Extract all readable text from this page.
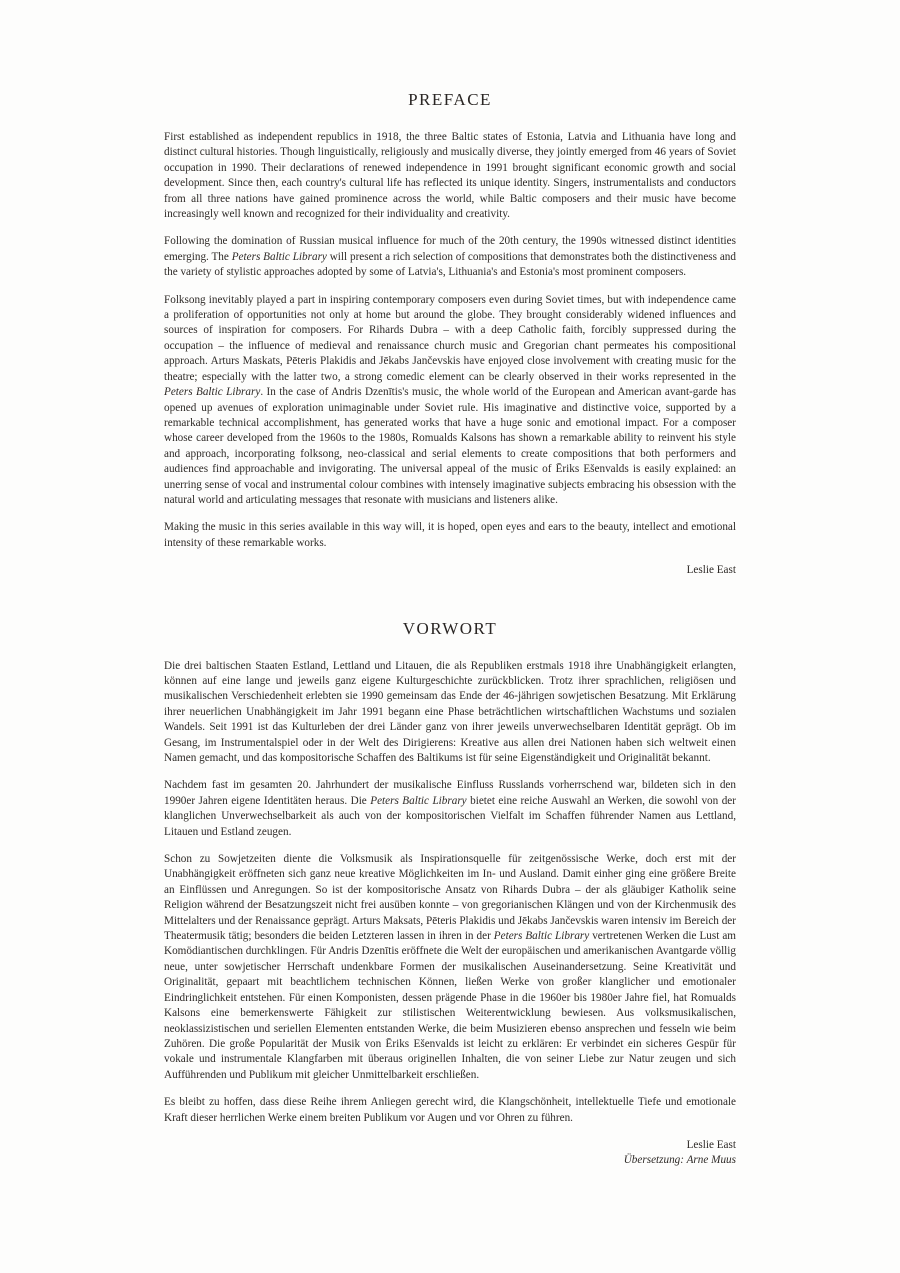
PREFACE

First established as independent republics in 1918, the three Baltic states of Estonia, Latvia and Lithuania have long and distinct cultural histories. Though linguistically, religiously and musically diverse, they jointly emerged from 46 years of Soviet occupation in 1990. Their declarations of renewed independence in 1991 brought significant economic growth and social development. Since then, each country's cultural life has reflected its unique identity. Singers, instrumentalists and conductors from all three nations have gained prominence across the world, while Baltic composers and their music have become increasingly well known and recognized for their individuality and creativity.

Following the domination of Russian musical influence for much of the 20th century, the 1990s witnessed distinct identities emerging. The Peters Baltic Library will present a rich selection of compositions that demonstrates both the distinctiveness and the variety of stylistic approaches adopted by some of Latvia's, Lithuania's and Estonia's most prominent composers.

Folksong inevitably played a part in inspiring contemporary composers even during Soviet times, but with independence came a proliferation of opportunities not only at home but around the globe. They brought considerably widened influences and sources of inspiration for composers. For Rihards Dubra – with a deep Catholic faith, forcibly suppressed during the occupation – the influence of medieval and renaissance church music and Gregorian chant permeates his compositional approach. Arturs Maskats, Pēteris Plakidis and Jēkabs Jančevskis have enjoyed close involvement with creating music for the theatre; especially with the latter two, a strong comedic element can be clearly observed in their works represented in the Peters Baltic Library. In the case of Andris Dzenītis's music, the whole world of the European and American avant-garde has opened up avenues of exploration unimaginable under Soviet rule. His imaginative and distinctive voice, supported by a remarkable technical accomplishment, has generated works that have a huge sonic and emotional impact. For a composer whose career developed from the 1960s to the 1980s, Romualds Kalsons has shown a remarkable ability to reinvent his style and approach, incorporating folksong, neo-classical and serial elements to create compositions that both performers and audiences find approachable and invigorating. The universal appeal of the music of Ēriks Ešenvalds is easily explained: an unerring sense of vocal and instrumental colour combines with intensely imaginative subjects embracing his obsession with the natural world and articulating messages that resonate with musicians and listeners alike.

Making the music in this series available in this way will, it is hoped, open eyes and ears to the beauty, intellect and emotional intensity of these remarkable works.

Leslie East
VORWORT

Die drei baltischen Staaten Estland, Lettland und Litauen, die als Republiken erstmals 1918 ihre Unabhängigkeit erlangten, können auf eine lange und jeweils ganz eigene Kulturgeschichte zurückblicken. Trotz ihrer sprachlichen, religiösen und musikalischen Verschiedenheit erlebten sie 1990 gemeinsam das Ende der 46-jährigen sowjetischen Besatzung. Mit Erklärung ihrer neuerlichen Unabhängigkeit im Jahr 1991 begann eine Phase beträchtlichen wirtschaftlichen Wachstums und sozialen Wandels. Seit 1991 ist das Kulturleben der drei Länder ganz von ihrer jeweils unverwechselbaren Identität geprägt. Ob im Gesang, im Instrumentalspiel oder in der Welt des Dirigierens: Kreative aus allen drei Nationen haben sich weltweit einen Namen gemacht, und das kompositorische Schaffen des Baltikums ist für seine Eigenständigkeit und Originalität bekannt.

Nachdem fast im gesamten 20. Jahrhundert der musikalische Einfluss Russlands vorherrschend war, bildeten sich in den 1990er Jahren eigene Identitäten heraus. Die Peters Baltic Library bietet eine reiche Auswahl an Werken, die sowohl von der klanglichen Unverwechselbarkeit als auch von der kompositorischen Vielfalt im Schaffen führender Namen aus Lettland, Litauen und Estland zeugen.

Schon zu Sowjetzeiten diente die Volksmusik als Inspirationsquelle für zeitgenössische Werke, doch erst mit der Unabhängigkeit eröffneten sich ganz neue kreative Möglichkeiten im In- und Ausland. Damit einher ging eine größere Breite an Einflüssen und Anregungen. So ist der kompositorische Ansatz von Rihards Dubra – der als gläubiger Katholik seine Religion während der Besatzungszeit nicht frei ausüben konnte – von gregorianischen Klängen und von der Kirchenmusik des Mittelalters und der Renaissance geprägt. Arturs Maksats, Pēteris Plakidis und Jēkabs Jančevskis waren intensiv im Bereich der Theatermusik tätig; besonders die beiden Letzteren lassen in ihren in der Peters Baltic Library vertretenen Werken die Lust am Komödiantischen durchklingen. Für Andris Dzenītis eröffnete die Welt der europäischen und amerikanischen Avantgarde völlig neue, unter sowjetischer Herrschaft undenkbare Formen der musikalischen Auseinandersetzung. Seine Kreativität und Originalität, gepaart mit beachtlichem technischen Können, ließen Werke von großer klanglicher und emotionaler Eindringlichkeit entstehen. Für einen Komponisten, dessen prägende Phase in die 1960er bis 1980er Jahre fiel, hat Romualds Kalsons eine bemerkenswerte Fähigkeit zur stilistischen Weiterentwicklung bewiesen. Aus volksmusikalischen, neoklassizistischen und seriellen Elementen entstanden Werke, die beim Musizieren ebenso ansprechen und fesseln wie beim Zuhören. Die große Popularität der Musik von Ēriks Ešenvalds ist leicht zu erklären: Er verbindet ein sicheres Gespür für vokale und instrumentale Klangfarben mit überaus originellen Inhalten, die von seiner Liebe zur Natur zeugen und sich Aufführenden und Publikum mit gleicher Unmittelbarkeit erschließen.

Es bleibt zu hoffen, dass diese Reihe ihrem Anliegen gerecht wird, die Klangschönheit, intellektuelle Tiefe und emotionale Kraft dieser herrlichen Werke einem breiten Publikum vor Augen und vor Ohren zu führen.

Leslie East
Übersetzung: Arne Muus
